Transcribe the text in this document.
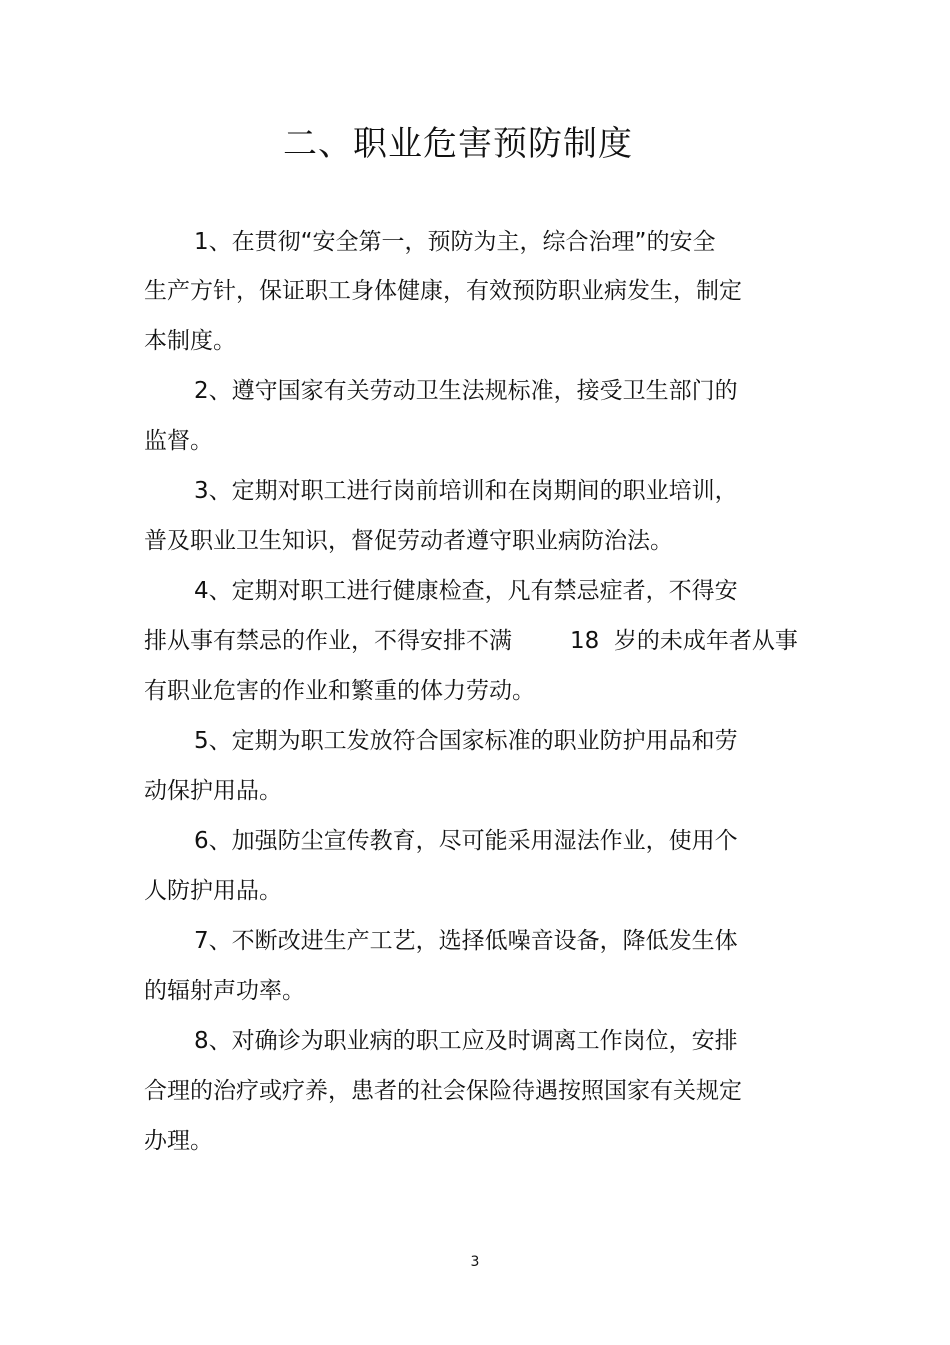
二、职业危害预防制度
1、在贯彻“安全第一，预防为主，综合治理”的安全
生产方针，保证职工身体健康，有效预防职业病发生，制定
本制度。
2、遵守国家有关劳动卫生法规标准，接受卫生部门的
监督。
3、定期对职工进行岗前培训和在岗期间的职业培训，
普及职业卫生知识，督促劳动者遵守职业病防治法。
4、定期对职工进行健康检查，凡有禁忌症者，不得安
排从事有禁忌的作业，不得安排不满	18 岁的未成年者从事
有职业危害的作业和繁重的体力劳动。
5、定期为职工发放符合国家标准的职业防护用品和劳
动保护用品。
6、加强防尘宣传教育，尽可能采用湿法作业，使用个
人防护用品。
7、不断改进生产工艺，选择低噪音设备，降低发生体
的辐射声功率。
8、对确诊为职业病的职工应及时调离工作岗位，安排
合理的治疗或疗养，患者的社会保险待遇按照国家有关规定
办理。
3
